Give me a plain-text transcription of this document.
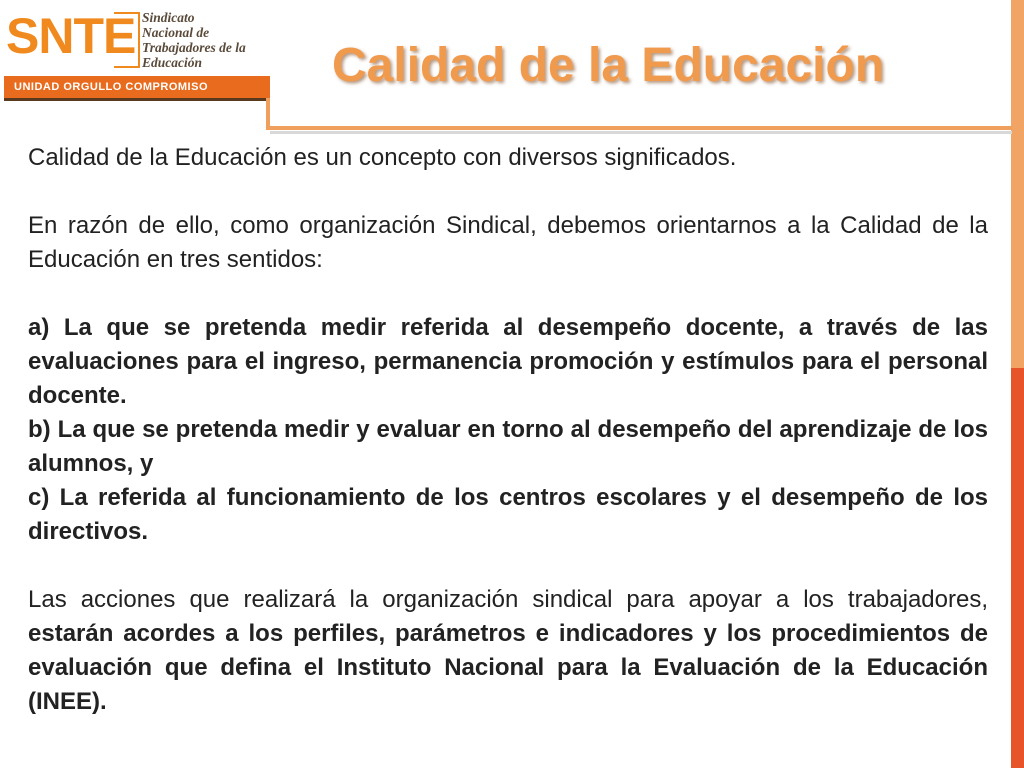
SNTE Sindicato
Nacional de
Trabajadores de la
Educación
UNIDAD ORGULLO COMPROMISO	Calidad de la Educación

Calidad de la Educación es un concepto con diversos significados.

En razón de ello, como organización Sindical, debemos orientarnos a la Calidad de la Educación en tres sentidos:

a) La que se pretenda medir referida al desempeño docente, a través de las evaluaciones para el ingreso, permanencia promoción y estímulos para el personal docente.

b) La que se pretenda medir y evaluar en torno al desempeño del aprendizaje de los alumnos, y

c) La referida al funcionamiento de los centros escolares y el desempeño de los directivos.

Las acciones que realizará la organización sindical para apoyar a los trabajadores, estarán acordes a los perfiles, parámetros e indicadores y los procedimientos de evaluación que defina el Instituto Nacional para la Evaluación de la Educación (INEE).
